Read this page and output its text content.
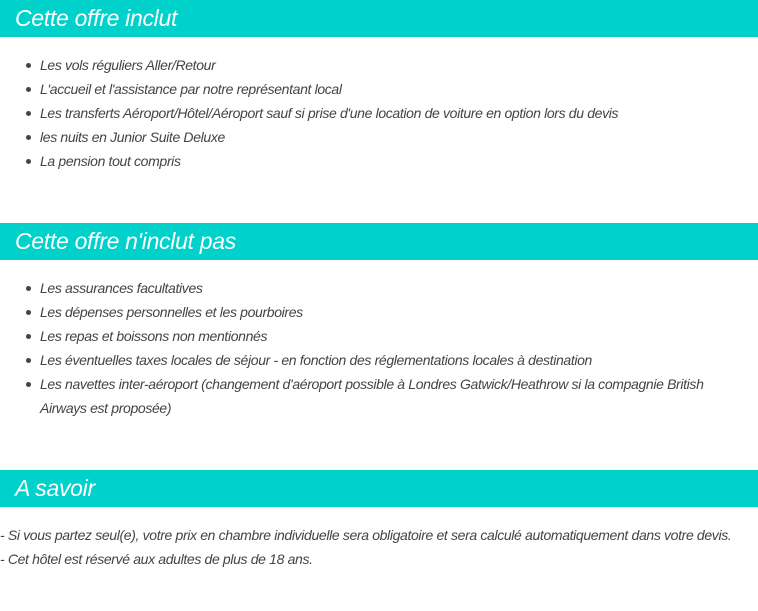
Cette offre inclut
Les vols réguliers Aller/Retour
L'accueil et l'assistance par notre représentant local
Les transferts Aéroport/Hôtel/Aéroport sauf si prise d'une location de voiture en option lors du devis
les nuits en Junior Suite Deluxe
La pension tout compris
Cette offre n'inclut pas
Les assurances facultatives
Les dépenses personnelles et les pourboires
Les repas et boissons non mentionnés
Les éventuelles taxes locales de séjour - en fonction des réglementations locales à destination
Les navettes inter-aéroport (changement d'aéroport possible à Londres Gatwick/Heathrow si la compagnie British Airways est proposée)
A savoir
- Si vous partez seul(e), votre prix en chambre individuelle sera obligatoire et sera calculé automatiquement dans votre devis.
- Cet hôtel est réservé aux adultes de plus de 18 ans.
